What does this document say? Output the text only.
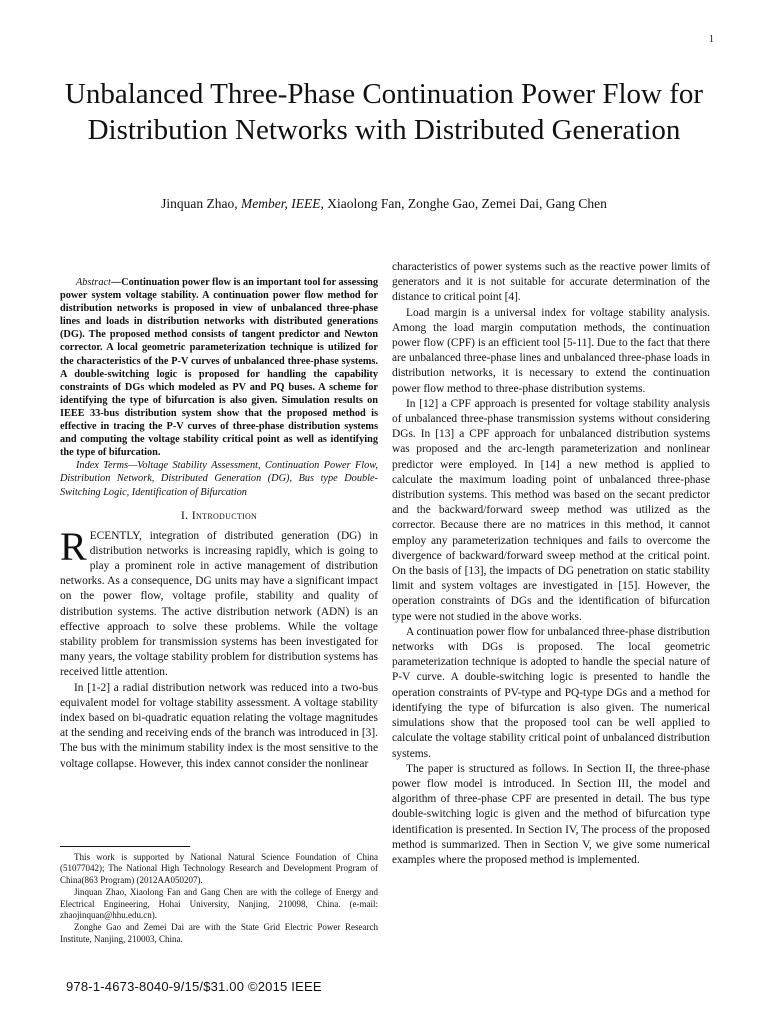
1
Unbalanced Three-Phase Continuation Power Flow for Distribution Networks with Distributed Generation
Jinquan Zhao, Member, IEEE, Xiaolong Fan, Zonghe Gao, Zemei Dai, Gang Chen

Abstract—Continuation power flow is an important tool for assessing power system voltage stability. A continuation power flow method for distribution networks is proposed in view of unbalanced three-phase lines and loads in distribution networks with distributed generations (DG). The proposed method consists of tangent predictor and Newton corrector. A local geometric parameterization technique is utilized for the characteristics of the P-V curves of unbalanced three-phase systems. A double-switching logic is proposed for handling the capability constraints of DGs which modeled as PV and PQ buses. A scheme for identifying the type of bifurcation is also given. Simulation results on IEEE 33-bus distribution system show that the proposed method is effective in tracing the P-V curves of three-phase distribution systems and computing the voltage stability critical point as well as identifying the type of bifurcation.

Index Terms—Voltage Stability Assessment, Continuation Power Flow, Distribution Network, Distributed Generation (DG), Bus type Double-Switching Logic, Identification of Bifurcation

I. Introduction

RECENTLY, integration of distributed generation (DG) in distribution networks is increasing rapidly, which is going to play a prominent role in active management of distribution networks. As a consequence, DG units may have a significant impact on the power flow, voltage profile, stability and quality of distribution systems. The active distribution network (ADN) is an effective approach to solve these problems. While the voltage stability problem for transmission systems has been investigated for many years, the voltage stability problem for distribution systems has received little attention.

In [1-2] a radial distribution network was reduced into a two-bus equivalent model for voltage stability assessment. A voltage stability index based on bi-quadratic equation relating the voltage magnitudes at the sending and receiving ends of the branch was introduced in [3]. The bus with the minimum stability index is the most sensitive to the voltage collapse. However, this index cannot consider the nonlinear

This work is supported by National Natural Science Foundation of China (51077042); The National High Technology Research and Development Program of China(863 Program) (2012AA050207).

Jinquan Zhao, Xiaolong Fan and Gang Chen are with the college of Energy and Electrical Engineering, Hohai University, Nanjing, 210098, China. (e-mail: zhaojinquan@hhu.edu.cn).

Zonghe Gao and Zemei Dai are with the State Grid Electric Power Research Institute, Nanjing, 210003, China.

characteristics of power systems such as the reactive power limits of generators and it is not suitable for accurate determination of the distance to critical point [4].

Load margin is a universal index for voltage stability analysis. Among the load margin computation methods, the continuation power flow (CPF) is an efficient tool [5-11]. Due to the fact that there are unbalanced three-phase lines and unbalanced three-phase loads in distribution networks, it is necessary to extend the continuation power flow method to three-phase distribution systems.

In [12] a CPF approach is presented for voltage stability analysis of unbalanced three-phase transmission systems without considering DGs. In [13] a CPF approach for unbalanced distribution systems was proposed and the arc-length parameterization and nonlinear predictor were employed. In [14] a new method is applied to calculate the maximum loading point of unbalanced three-phase distribution systems. This method was based on the secant predictor and the backward/forward sweep method was utilized as the corrector. Because there are no matrices in this method, it cannot employ any parameterization techniques and fails to overcome the divergence of backward/forward sweep method at the critical point. On the basis of [13], the impacts of DG penetration on static stability limit and system voltages are investigated in [15]. However, the operation constraints of DGs and the identification of bifurcation type were not studied in the above works.

A continuation power flow for unbalanced three-phase distribution networks with DGs is proposed. The local geometric parameterization technique is adopted to handle the special nature of P-V curve. A double-switching logic is presented to handle the operation constraints of PV-type and PQ-type DGs and a method for identifying the type of bifurcation is also given. The numerical simulations show that the proposed tool can be well applied to calculate the voltage stability critical point of unbalanced distribution systems.

The paper is structured as follows. In Section II, the three-phase power flow model is introduced. In Section III, the model and algorithm of three-phase CPF are presented in detail. The bus type double-switching logic is given and the method of bifurcation type identification is presented. In Section IV, The process of the proposed method is summarized. Then in Section V, we give some numerical examples where the proposed method is implemented.

978-1-4673-8040-9/15/$31.00 ©2015 IEEE
